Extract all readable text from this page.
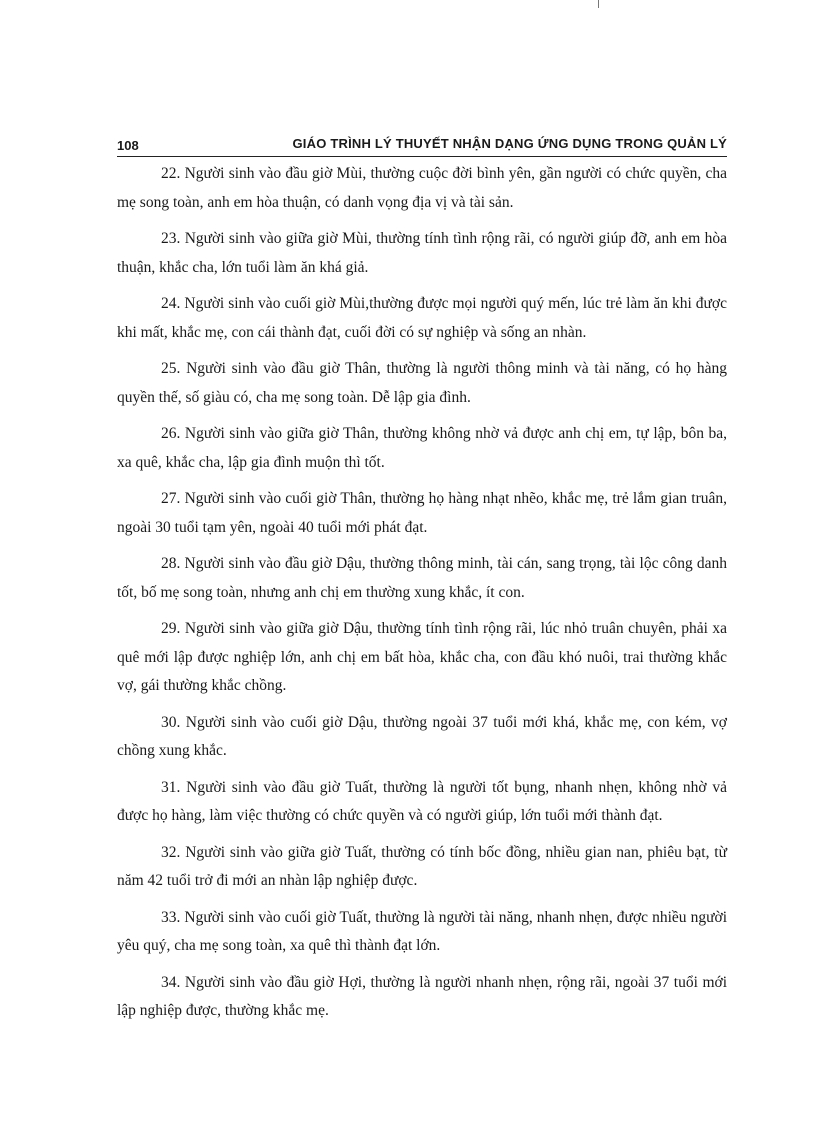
108	GIÁO TRÌNH LÝ THUYẾT NHẬN DẠNG ỨNG DỤNG TRONG QUẢN LÝ

22. Người sinh vào đầu giờ Mùi, thường cuộc đời bình yên, gần người có chức quyền, cha mẹ song toàn, anh em hòa thuận, có danh vọng địa vị và tài sản.

23. Người sinh vào giữa giờ Mùi, thường tính tình rộng rãi, có người giúp đỡ, anh em hòa thuận, khắc cha, lớn tuổi làm ăn khá giả.

24. Người sinh vào cuối giờ Mùi,thường được mọi người quý mến, lúc trẻ làm ăn khi được khi mất, khắc mẹ, con cái thành đạt, cuối đời có sự nghiệp và sống an nhàn.

25. Người sinh vào đầu giờ Thân, thường là người thông minh và tài năng, có họ hàng quyền thế, số giàu có, cha mẹ song toàn. Dễ lập gia đình.

26. Người sinh vào giữa giờ Thân, thường không nhờ vả được anh chị em, tự lập, bôn ba, xa quê, khắc cha, lập gia đình muộn thì tốt.

27. Người sinh vào cuối giờ Thân, thường họ hàng nhạt nhẽo, khắc mẹ, trẻ lắm gian truân, ngoài 30 tuổi tạm yên, ngoài 40 tuổi mới phát đạt.

28. Người sinh vào đầu giờ Dậu, thường thông minh, tài cán, sang trọng, tài lộc công danh tốt, bố mẹ song toàn, nhưng anh chị em thường xung khắc, ít con.

29. Người sinh vào giữa giờ Dậu, thường tính tình rộng rãi, lúc nhỏ truân chuyên, phải xa quê mới lập được nghiệp lớn, anh chị em bất hòa, khắc cha, con đầu khó nuôi, trai thường khắc vợ, gái thường khắc chồng.

30. Người sinh vào cuối giờ Dậu, thường ngoài 37 tuổi mới khá, khắc mẹ, con kém, vợ chồng xung khắc.

31. Người sinh vào đầu giờ Tuất, thường là người tốt bụng, nhanh nhẹn, không nhờ vả được họ hàng, làm việc thường có chức quyền và có người giúp, lớn tuổi mới thành đạt.

32. Người sinh vào giữa giờ Tuất, thường có tính bốc đồng, nhiều gian nan, phiêu bạt, từ năm 42 tuổi trở đi mới an nhàn lập nghiệp được.

33. Người sinh vào cuối giờ Tuất, thường là người tài năng, nhanh nhẹn, được nhiều người yêu quý, cha mẹ song toàn, xa quê thì thành đạt lớn.

34. Người sinh vào đầu giờ Hợi, thường là người nhanh nhẹn, rộng rãi, ngoài 37 tuổi mới lập nghiệp được, thường khắc mẹ.
